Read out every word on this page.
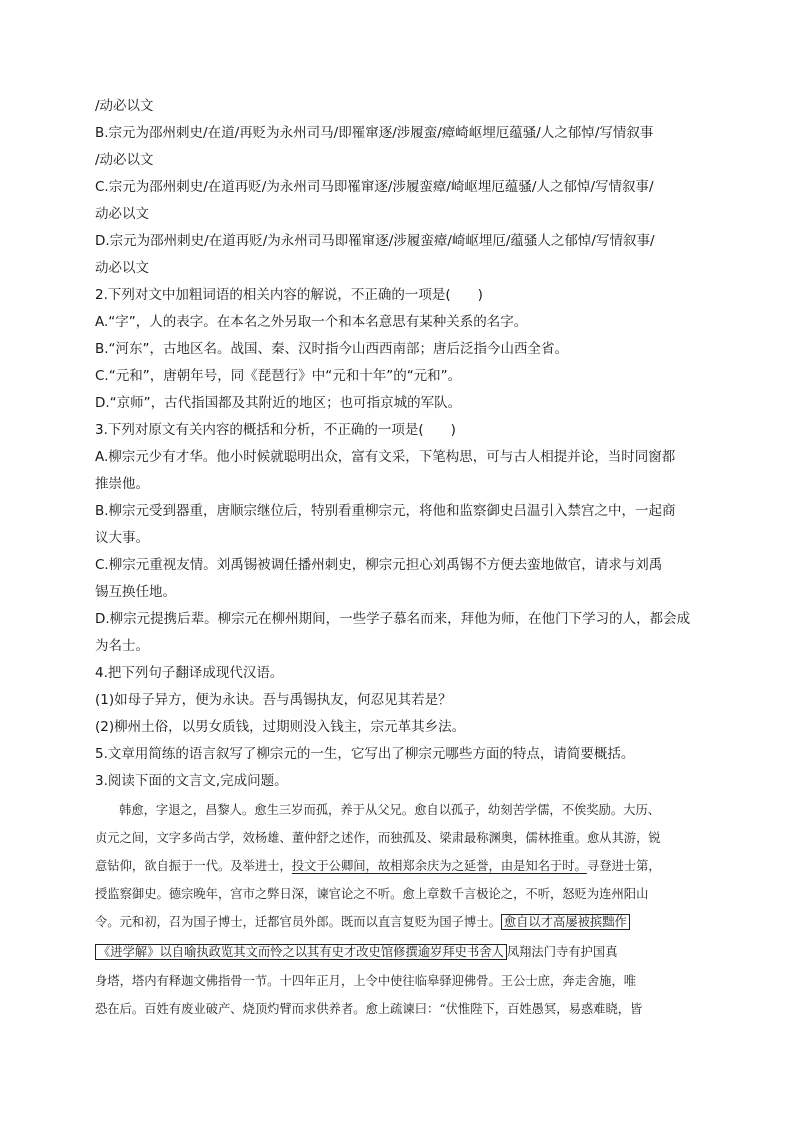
/动必以文
B.宗元为邵州刺史/在道/再贬为永州司马/即罹窜逐/涉履蛮/瘴崎岖埋厄蕴骚/人之郁悼/写情叙事
/动必以文
C.宗元为邵州刺史/在道再贬/为永州司马即罹窜逐/涉履蛮瘴/崎岖埋厄蕴骚/人之郁悼/写情叙事/
动必以文
D.宗元为邵州刺史/在道再贬/为永州司马即罹窜逐/涉履蛮瘴/崎岖埋厄/蕴骚人之郁悼/写情叙事/
动必以文
2.下列对文中加粗词语的相关内容的解说，不正确的一项是(　　)
A.“字”，人的表字。在本名之外另取一个和本名意思有某种关系的名字。
B.“河东”，古地区名。战国、秦、汉时指今山西西南部；唐后泛指今山西全省。
C.“元和”，唐朝年号，同《琵琶行》中“元和十年”的“元和”。
D.“京师”，古代指国都及其附近的地区；也可指京城的军队。
3.下列对原文有关内容的概括和分析，不正确的一项是(　　)
A.柳宗元少有才华。他小时候就聪明出众，富有文采，下笔构思，可与古人相提并论，当时同窗都
推崇他。
B.柳宗元受到器重，唐顺宗继位后，特别看重柳宗元，将他和监察御史吕温引入禁宫之中，一起商
议大事。
C.柳宗元重视友情。刘禹锡被调任播州刺史，柳宗元担心刘禹锡不方便去蛮地做官，请求与刘禹
锡互换任地。
D.柳宗元提携后辈。柳宗元在柳州期间，一些学子慕名而来，拜他为师，在他门下学习的人，都会成
为名士。
4.把下列句子翻译成现代汉语。
(1)如母子异方，便为永诀。吾与禹锡执友，何忍见其若是？
(2)柳州土俗，以男女质钱，过期则没入钱主，宗元革其乡法。
5.文章用简练的语言叙写了柳宗元的一生，它写出了柳宗元哪些方面的特点，请简要概括。
3.阅读下面的文言文,完成问题。
韩愈，字退之，昌黎人。愈生三岁而孤，养于从父兄。愈自以孤子，幼刻苦学儒，不俟奖励。大历、
贞元之间，文字多尚古学，效杨雄、董仲舒之述作，而独孤及、梁肃最称渊奥，儒林推重。愈从其游，锐
意钻仰，欲自振于一代。及举进士，投文于公卿间，故相郑余庆为之延誉，由是知名于时。寻登进士第，
授监察御史。德宗晚年，宫市之弊日深，谏官论之不听。愈上章数千言极论之，不听，怒贬为连州阳山
令。元和初，召为国子博士，迁都官员外郎。既而以直言复贬为国子博士。 愈自以才高屡被摈黜作
《进学解》以自喻执政览其文而怜之以其有史才改史馆修撰逾岁拜史书舍人 凤翔法门寺有护国真
身塔，塔内有释迦文佛指骨一节。十四年正月，上令中使往临皋驿迎佛骨。王公士庶，奔走舍施，唯
恐在后。百姓有废业破产、烧顶灼臂而求供养者。愈上疏谏曰：“伏惟陛下，百姓愚冥，易惑难晓，皆
